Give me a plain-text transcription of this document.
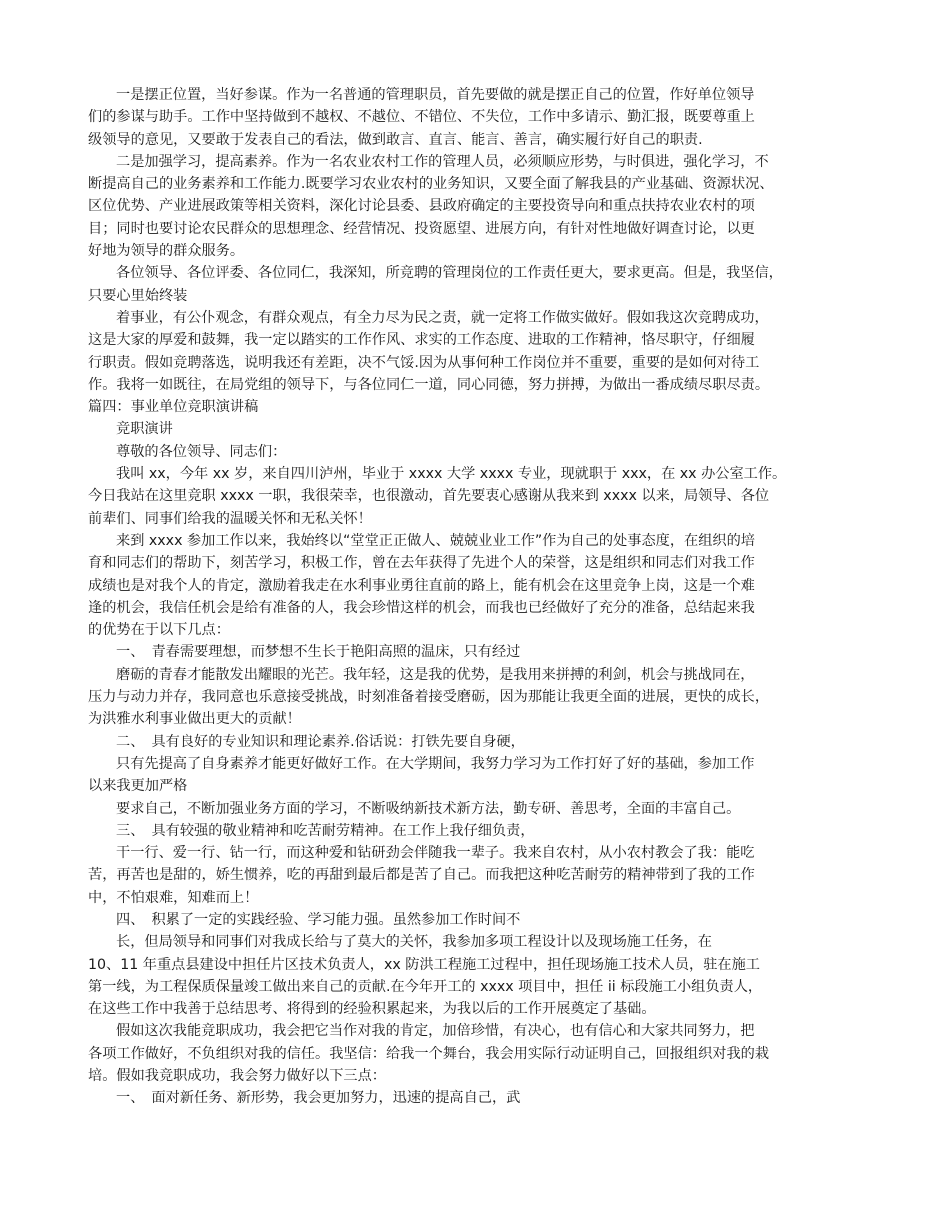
一是摆正位置，当好参谋。作为一名普通的管理职员，首先要做的就是摆正自己的位置，作好单位领导
们的参谋与助手。工作中坚持做到不越权、不越位、不错位、不失位，工作中多请示、勤汇报，既要尊重上
级领导的意见，又要敢于发表自己的看法，做到敢言、直言、能言、善言，确实履行好自己的职责.
二是加强学习，提高素养。作为一名农业农村工作的管理人员，必须顺应形势，与时俱进，强化学习，不
断提高自己的业务素养和工作能力.既要学习农业农村的业务知识，又要全面了解我县的产业基础、资源状况、
区位优势、产业进展政策等相关资料，深化讨论县委、县政府确定的主要投资导向和重点扶持农业农村的项
目；同时也要讨论农民群众的思想理念、经营情况、投资愿望、进展方向，有针对性地做好调查讨论，以更
好地为领导的群众服务。
各位领导、各位评委、各位同仁，我深知，所竞聘的管理岗位的工作责任更大，要求更高。但是，我坚信，
只要心里始终装
着事业，有公仆观念，有群众观点，有全力尽为民之责，就一定将工作做实做好。假如我这次竞聘成功，
这是大家的厚爱和鼓舞，我一定以踏实的工作作风、求实的工作态度、进取的工作精神，恪尽职守，仔细履
行职责。假如竞聘落选，说明我还有差距，决不气馁.因为从事何种工作岗位并不重要，重要的是如何对待工
作。我将一如既往，在局党组的领导下，与各位同仁一道，同心同德，努力拼搏，为做出一番成绩尽职尽责。
篇四：事业单位竞职演讲稿
竞职演讲
尊敬的各位领导、同志们：
我叫 xx，今年 xx 岁，来自四川泸州，毕业于 xxxx 大学 xxxx 专业，现就职于 xxx，在 xx 办公室工作。
今日我站在这里竞职 xxxx 一职，我很荣幸，也很激动，首先要衷心感谢从我来到 xxxx 以来，局领导、各位
前辈们、同事们给我的温暖关怀和无私关怀！
来到 xxxx 参加工作以来，我始终以“堂堂正正做人、兢兢业业工作”作为自己的处事态度，在组织的培
育和同志们的帮助下，刻苦学习，积极工作，曾在去年获得了先进个人的荣誉，这是组织和同志们对我工作
成绩也是对我个人的肯定，激励着我走在水利事业勇往直前的路上，能有机会在这里竞争上岗，这是一个难
逢的机会，我信任机会是给有准备的人，我会珍惜这样的机会，而我也已经做好了充分的准备，总结起来我
的优势在于以下几点：
一、　青春需要理想，而梦想不生长于艳阳高照的温床，只有经过
磨砺的青春才能散发出耀眼的光芒。我年轻，这是我的优势，是我用来拼搏的利剑，机会与挑战同在，
压力与动力并存，我同意也乐意接受挑战，时刻准备着接受磨砺，因为那能让我更全面的进展，更快的成长，
为洪雅水利事业做出更大的贡献！
二、　具有良好的专业知识和理论素养.俗话说：打铁先要自身硬，
只有先提高了自身素养才能更好做好工作。在大学期间，我努力学习为工作打好了好的基础，参加工作
以来我更加严格
要求自己，不断加强业务方面的学习，不断吸纳新技术新方法，勤专研、善思考，全面的丰富自己。
三、　具有较强的敬业精神和吃苦耐劳精神。在工作上我仔细负责，
干一行、爱一行、钻一行，而这种爱和钻研劲会伴随我一辈子。我来自农村，从小农村教会了我：能吃
苦，再苦也是甜的，娇生惯养，吃的再甜到最后都是苦了自己。而我把这种吃苦耐劳的精神带到了我的工作
中，不怕艰难，知难而上！
四、　积累了一定的实践经验、学习能力强。虽然参加工作时间不
长，但局领导和同事们对我成长给与了莫大的关怀，我参加多项工程设计以及现场施工任务，在
10、11 年重点县建设中担任片区技术负责人，xx 防洪工程施工过程中，担任现场施工技术人员，驻在施工
第一线，为工程保质保量竣工做出来自己的贡献.在今年开工的 xxxx 项目中，担任 ii 标段施工小组负责人，
在这些工作中我善于总结思考、将得到的经验积累起来，为我以后的工作开展奠定了基础。
假如这次我能竞职成功，我会把它当作对我的肯定，加倍珍惜，有决心，也有信心和大家共同努力，把
各项工作做好，不负组织对我的信任。我坚信：给我一个舞台，我会用实际行动证明自己，回报组织对我的栽
培。假如我竞职成功，我会努力做好以下三点：
一、　面对新任务、新形势，我会更加努力，迅速的提高自己，武
